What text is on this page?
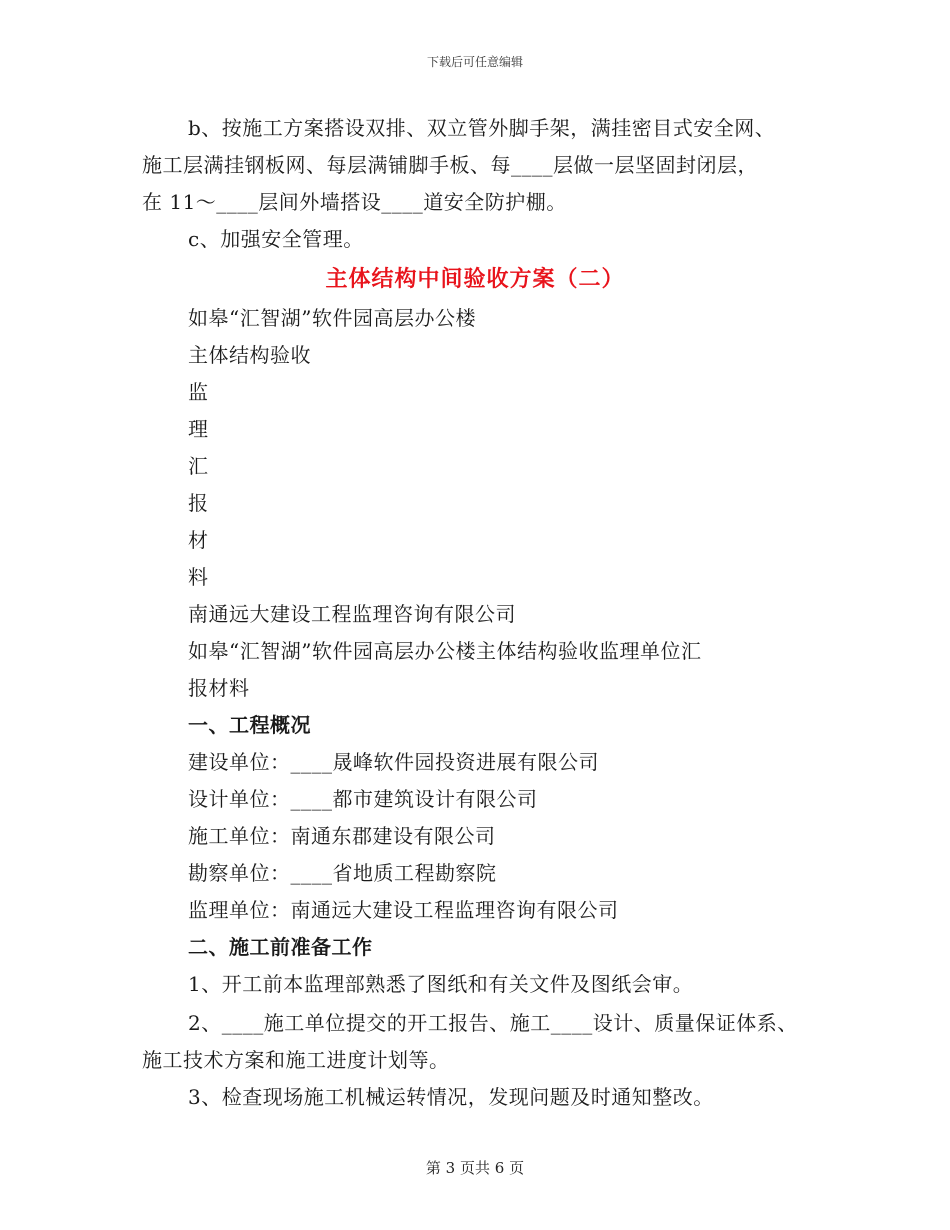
下载后可任意编辑
b、按施工方案搭设双排、双立管外脚手架，满挂密目式安全网、
施工层满挂钢板网、每层满铺脚手板、每____层做一层坚固封闭层，
在 11～____层间外墙搭设____道安全防护棚。
c、加强安全管理。
主体结构中间验收方案（二）
如皋“汇智湖”软件园高层办公楼
主体结构验收
监
理
汇
报
材
料
南通远大建设工程监理咨询有限公司
如皋“汇智湖”软件园高层办公楼主体结构验收监理单位汇
报材料
一、工程概况
建设单位：____晟峰软件园投资进展有限公司
设计单位：____都市建筑设计有限公司
施工单位：南通东郡建设有限公司
勘察单位：____省地质工程勘察院
监理单位：南通远大建设工程监理咨询有限公司
二、施工前准备工作
1、开工前本监理部熟悉了图纸和有关文件及图纸会审。
2、____施工单位提交的开工报告、施工____设计、质量保证体系、
施工技术方案和施工进度计划等。
3、检查现场施工机械运转情况，发现问题及时通知整改。
第 3 页共 6 页
